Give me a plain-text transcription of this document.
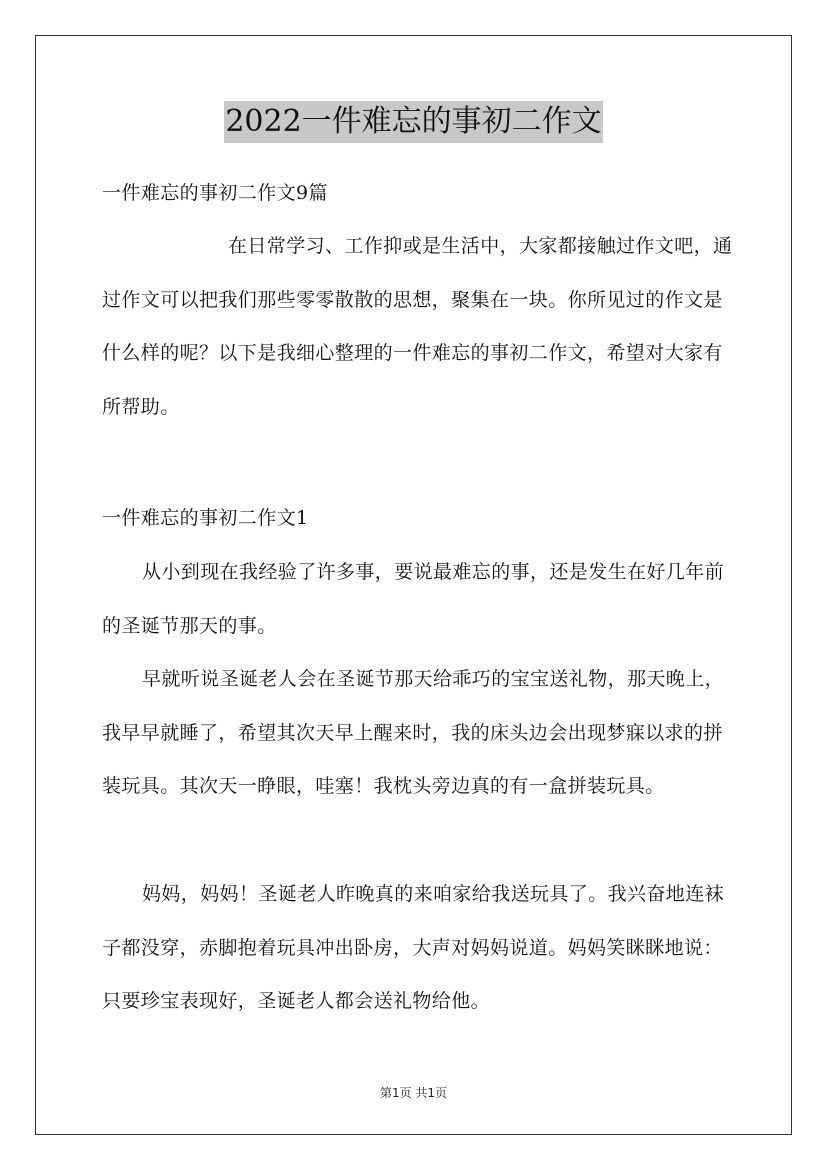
2022一件难忘的事初二作文

一件难忘的事初二作文9篇

在日常学习、工作抑或是生活中，大家都接触过作文吧，通过作文可以把我们那些零零散散的思想，聚集在一块。你所见过的作文是什么样的呢？以下是我细心整理的一件难忘的事初二作文，希望对大家有所帮助。

一件难忘的事初二作文1

从小到现在我经验了许多事，要说最难忘的事，还是发生在好几年前的圣诞节那天的事。

早就听说圣诞老人会在圣诞节那天给乖巧的宝宝送礼物，那天晚上，我早早就睡了，希望其次天早上醒来时，我的床头边会出现梦寐以求的拼装玩具。其次天一睁眼，哇塞！我枕头旁边真的有一盒拼装玩具。

妈妈，妈妈！圣诞老人昨晚真的来咱家给我送玩具了。我兴奋地连袜子都没穿，赤脚抱着玩具冲出卧房，大声对妈妈说道。妈妈笑眯眯地说：只要珍宝表现好，圣诞老人都会送礼物给他。

第1页 共1页
